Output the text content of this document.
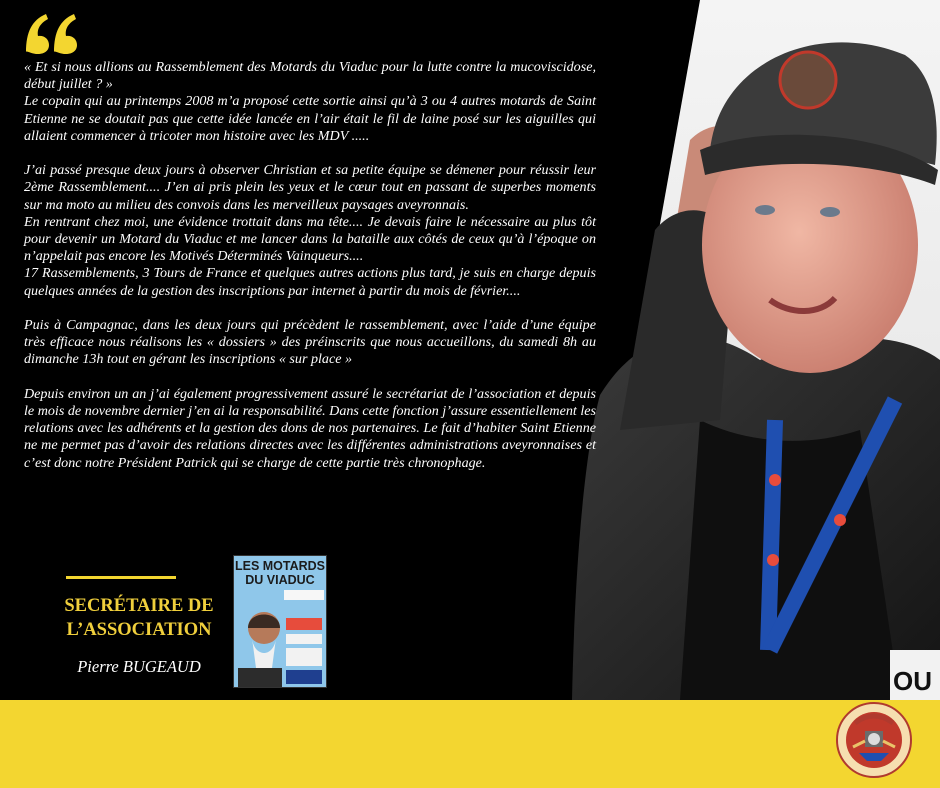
OU

« Et si nous allions au Rassemblement des Motards du Viaduc pour la lutte contre la mucoviscidose, début juillet ? »
Le copain qui au printemps 2008 m’a proposé cette sortie ainsi qu’à 3 ou 4 autres motards de Saint Etienne ne se doutait pas que cette idée lancée en l’air était le fil de laine posé sur les aiguilles qui allaient commencer à tricoter mon histoire avec les MDV .....

J’ai passé presque deux jours à observer Christian et sa petite équipe se démener pour réussir leur 2ème Rassemblement.... J’en ai pris plein les yeux et le cœur tout en passant de superbes moments sur ma moto au milieu des convois dans les merveilleux paysages aveyronnais.
En rentrant chez moi, une évidence trottait dans ma tête.... Je devais faire le nécessaire au plus tôt pour devenir un Motard du Viaduc et me lancer dans la bataille aux côtés de ceux qu’à l’époque on n’appelait pas encore les Motivés Déterminés Vainqueurs....
17 Rassemblements, 3 Tours de France et quelques autres actions plus tard, je suis en charge depuis quelques années de la gestion des inscriptions par internet à partir du mois de février....

Puis à Campagnac, dans les deux jours qui précèdent le rassemblement, avec l’aide d’une équipe très efficace nous réalisons les « dossiers » des préinscrits que nous accueillons, du samedi 8h au dimanche 13h tout en gérant les inscriptions « sur place »

Depuis environ un an j’ai également progressivement assuré le secrétariat de l’association et depuis le mois de novembre dernier j’en ai la responsabilité. Dans cette fonction j’assure essentiellement les relations avec les adhérents et la gestion des dons de nos partenaires. Le fait d’habiter Saint Etienne ne me permet pas d’avoir des relations directes avec les différentes administrations aveyronnaises et c’est donc notre Président Patrick qui se charge de cette partie très chronophage.

SECRÉTAIRE DE
L’ASSOCIATION
Pierre BUGEAUD
LES MOTARDS
DU VIADUC
